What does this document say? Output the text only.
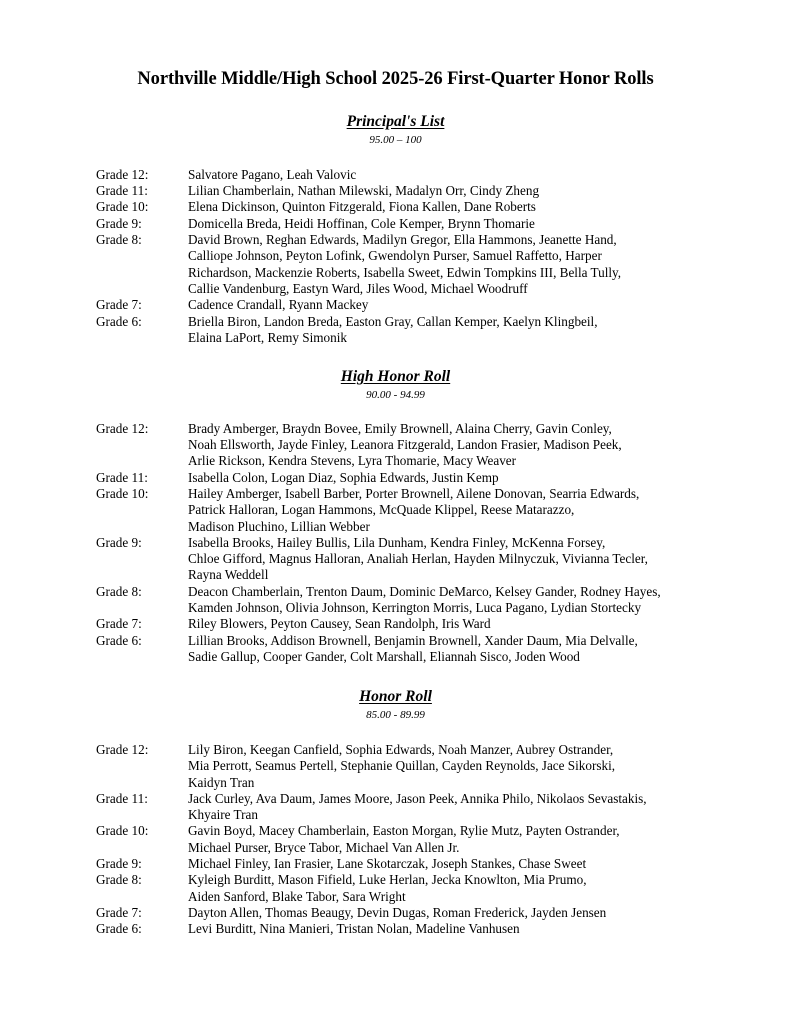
Northville Middle/High School 2025-26 First-Quarter Honor Rolls
Principal's List
95.00 – 100
Grade 12:	Salvatore Pagano, Leah Valovic
Grade 11:	Lilian Chamberlain, Nathan Milewski, Madalyn Orr, Cindy Zheng
Grade 10:	Elena Dickinson, Quinton Fitzgerald, Fiona Kallen, Dane Roberts
Grade 9:	Domicella Breda, Heidi Hoffinan, Cole Kemper, Brynn Thomarie
Grade 8:	David Brown, Reghan Edwards, Madilyn Gregor, Ella Hammons, Jeanette Hand,
Calliope Johnson, Peyton Lofink, Gwendolyn Purser, Samuel Raffetto, Harper
Richardson, Mackenzie Roberts, Isabella Sweet, Edwin Tompkins III, Bella Tully,
Callie Vandenburg, Eastyn Ward, Jiles Wood, Michael Woodruff
Grade 7:	Cadence Crandall, Ryann Mackey
Grade 6:	Briella Biron, Landon Breda, Easton Gray, Callan Kemper, Kaelyn Klingbeil,
Elaina LaPort, Remy Simonik
High Honor Roll
90.00 - 94.99
Grade 12:	Brady Amberger, Braydn Bovee, Emily Brownell, Alaina Cherry, Gavin Conley,
Noah Ellsworth, Jayde Finley, Leanora Fitzgerald, Landon Frasier, Madison Peek,
Arlie Rickson, Kendra Stevens, Lyra Thomarie, Macy Weaver
Grade 11:	Isabella Colon, Logan Diaz, Sophia Edwards, Justin Kemp
Grade 10:	Hailey Amberger, Isabell Barber, Porter Brownell, Ailene Donovan, Searria Edwards,
Patrick Halloran, Logan Hammons, McQuade Klippel, Reese Matarazzo,
Madison Pluchino, Lillian Webber
Grade 9:	Isabella Brooks, Hailey Bullis, Lila Dunham, Kendra Finley, McKenna Forsey,
Chloe Gifford, Magnus Halloran, Analiah Herlan, Hayden Milnyczuk, Vivianna Tecler,
Rayna Weddell
Grade 8:	Deacon Chamberlain, Trenton Daum, Dominic DeMarco, Kelsey Gander, Rodney Hayes,
Kamden Johnson, Olivia Johnson, Kerrington Morris, Luca Pagano, Lydian Stortecky
Grade 7:	Riley Blowers, Peyton Causey, Sean Randolph, Iris Ward
Grade 6:	Lillian Brooks, Addison Brownell, Benjamin Brownell, Xander Daum, Mia Delvalle,
Sadie Gallup, Cooper Gander, Colt Marshall, Eliannah Sisco, Joden Wood
Honor Roll
85.00 - 89.99
Grade 12:	Lily Biron, Keegan Canfield, Sophia Edwards, Noah Manzer, Aubrey Ostrander,
Mia Perrott, Seamus Pertell, Stephanie Quillan, Cayden Reynolds, Jace Sikorski,
Kaidyn Tran
Grade 11:	Jack Curley, Ava Daum, James Moore, Jason Peek, Annika Philo, Nikolaos Sevastakis,
Khyaire Tran
Grade 10:	Gavin Boyd, Macey Chamberlain, Easton Morgan, Rylie Mutz, Payten Ostrander,
Michael Purser, Bryce Tabor, Michael Van Allen Jr.
Grade 9:	Michael Finley, Ian Frasier, Lane Skotarczak, Joseph Stankes, Chase Sweet
Grade 8:	Kyleigh Burditt, Mason Fifield, Luke Herlan, Jecka Knowlton, Mia Prumo,
Aiden Sanford, Blake Tabor, Sara Wright
Grade 7:	Dayton Allen, Thomas Beaugy, Devin Dugas, Roman Frederick, Jayden Jensen
Grade 6:	Levi Burditt, Nina Manieri, Tristan Nolan, Madeline Vanhusen
